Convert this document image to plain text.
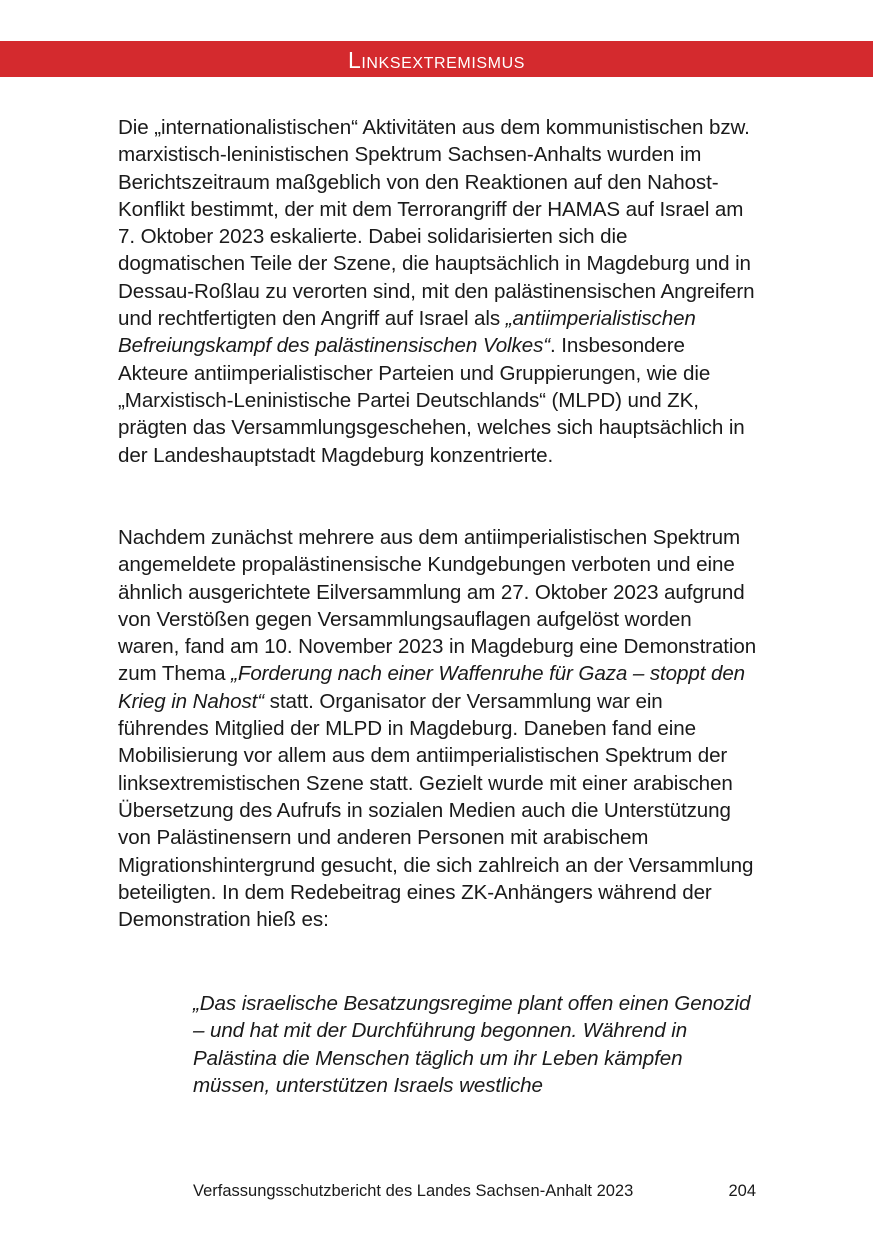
Linksextremismus

Die „internationalistischen“ Aktivitäten aus dem kommunistischen bzw. marxistisch-leninistischen Spektrum Sachsen-Anhalts wurden im Berichtszeitraum maßgeblich von den Reaktionen auf den Nahost-Konflikt bestimmt, der mit dem Terrorangriff der HAMAS auf Israel am 7. Oktober 2023 eskalierte. Dabei solidarisierten sich die dogmatischen Teile der Szene, die hauptsächlich in Magdeburg und in Dessau-Roßlau zu verorten sind, mit den palästinensischen Angreifern und rechtfertigten den Angriff auf Israel als „antiimperialistischen Befreiungskampf des palästinensischen Volkes“. Insbesondere Akteure antiimperialistischer Parteien und Gruppierungen, wie die „Marxistisch-Leninistische Partei Deutschlands“ (MLPD) und ZK, prägten das Versammlungsgeschehen, welches sich hauptsächlich in der Landeshauptstadt Magdeburg konzentrierte.

Nachdem zunächst mehrere aus dem antiimperialistischen Spektrum angemeldete propalästinensische Kundgebungen verboten und eine ähnlich ausgerichtete Eilversammlung am 27. Oktober 2023 aufgrund von Verstößen gegen Versammlungsauflagen aufgelöst worden waren, fand am 10. November 2023 in Magdeburg eine Demonstration zum Thema „Forderung nach einer Waffenruhe für Gaza – stoppt den Krieg in Nahost“ statt. Organisator der Versammlung war ein führendes Mitglied der MLPD in Magdeburg. Daneben fand eine Mobilisierung vor allem aus dem antiimperialistischen Spektrum der linksextremistischen Szene statt. Gezielt wurde mit einer arabischen Übersetzung des Aufrufs in sozialen Medien auch die Unterstützung von Palästinensern und anderen Personen mit arabischem Migrationshintergrund gesucht, die sich zahlreich an der Versammlung beteiligten. In dem Redebeitrag eines ZK-Anhängers während der Demonstration hieß es:

„Das israelische Besatzungsregime plant offen einen Genozid – und hat mit der Durchführung begonnen. Während in Palästina die Menschen täglich um ihr Leben kämpfen müssen, unterstützen Israels westliche

Verfassungsschutzbericht des Landes Sachsen-Anhalt 2023	204
